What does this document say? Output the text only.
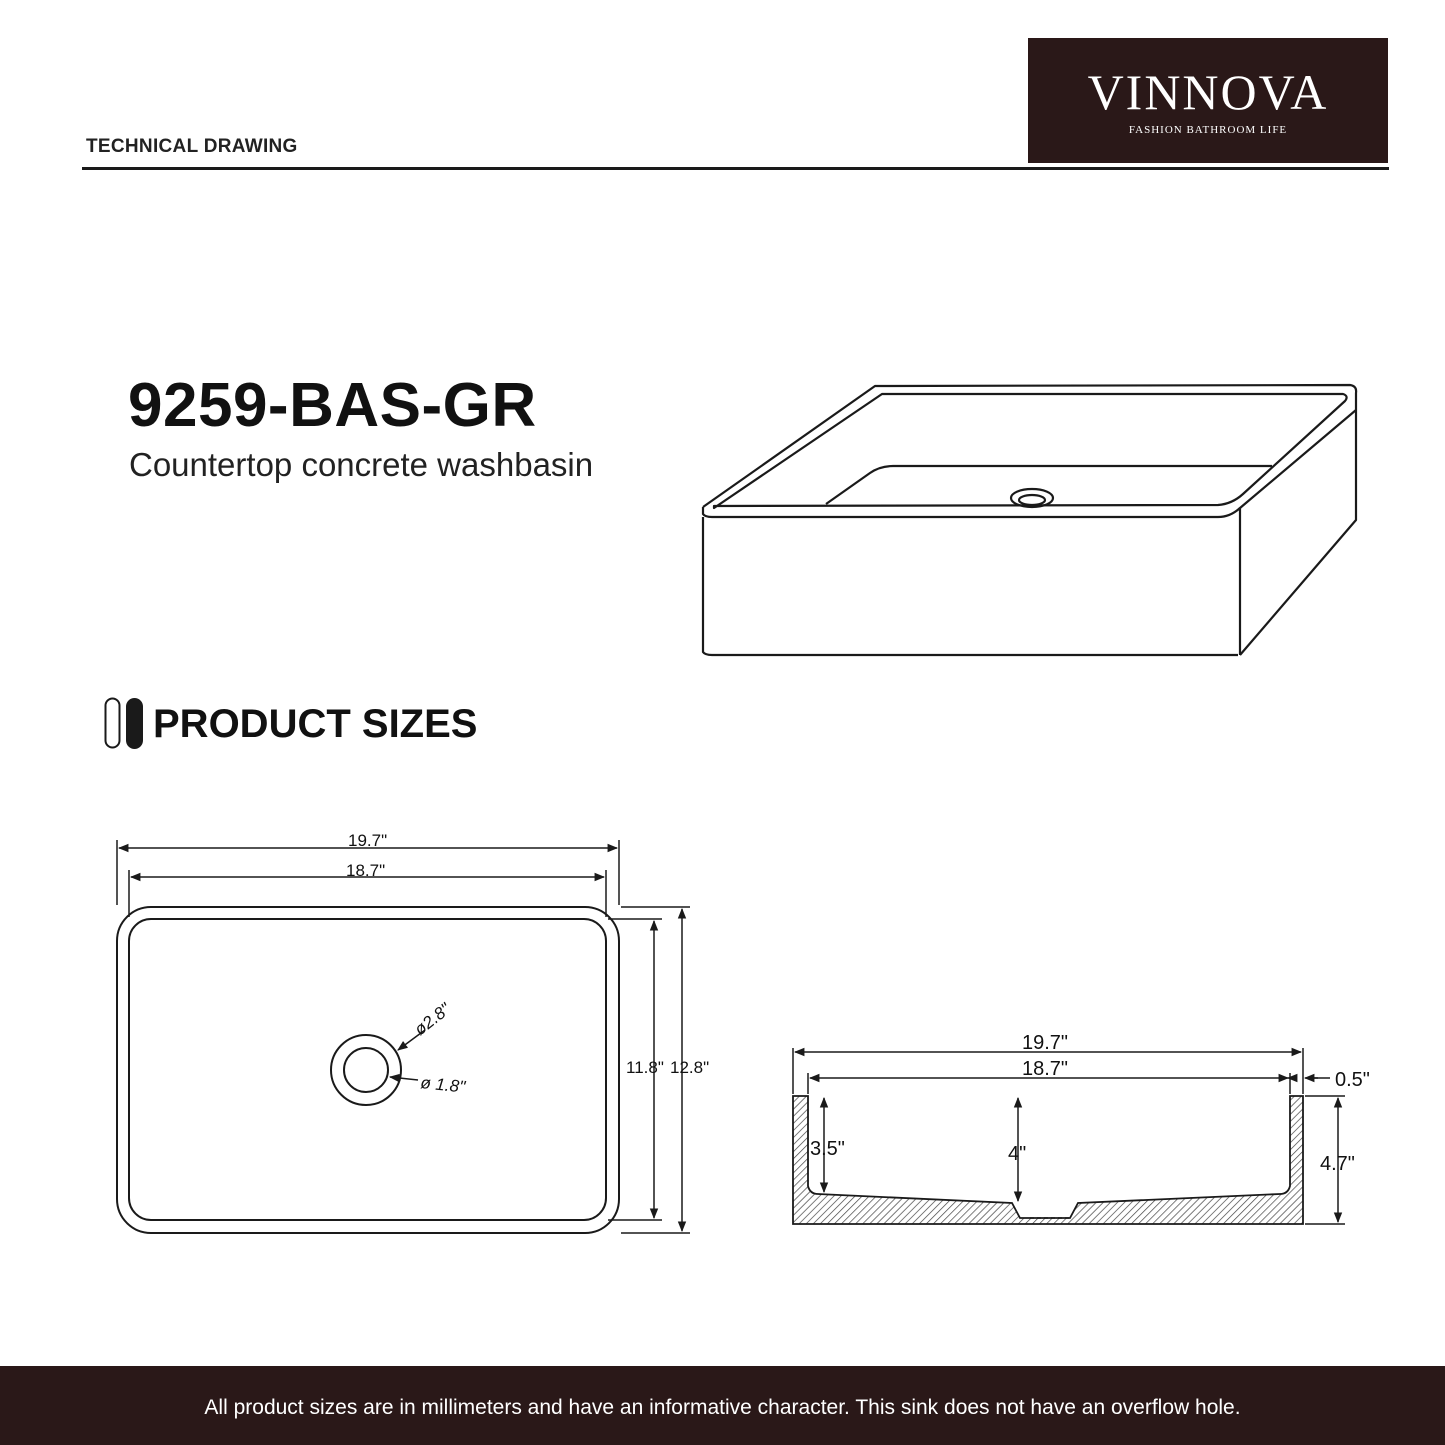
TECHNICAL DRAWING
VINNOVA
FASHION BATHROOM LIFE
9259-BAS-GR
Countertop concrete washbasin
PRODUCT SIZES
19.7"
18.7"
11.8" 12.8"
ø2.8"
ø 1.8"
19.7"
18.7"	0.5"
3.5"	4"	4.7"
All product sizes are in millimeters and have an informative character. This sink does not have an overflow hole.
